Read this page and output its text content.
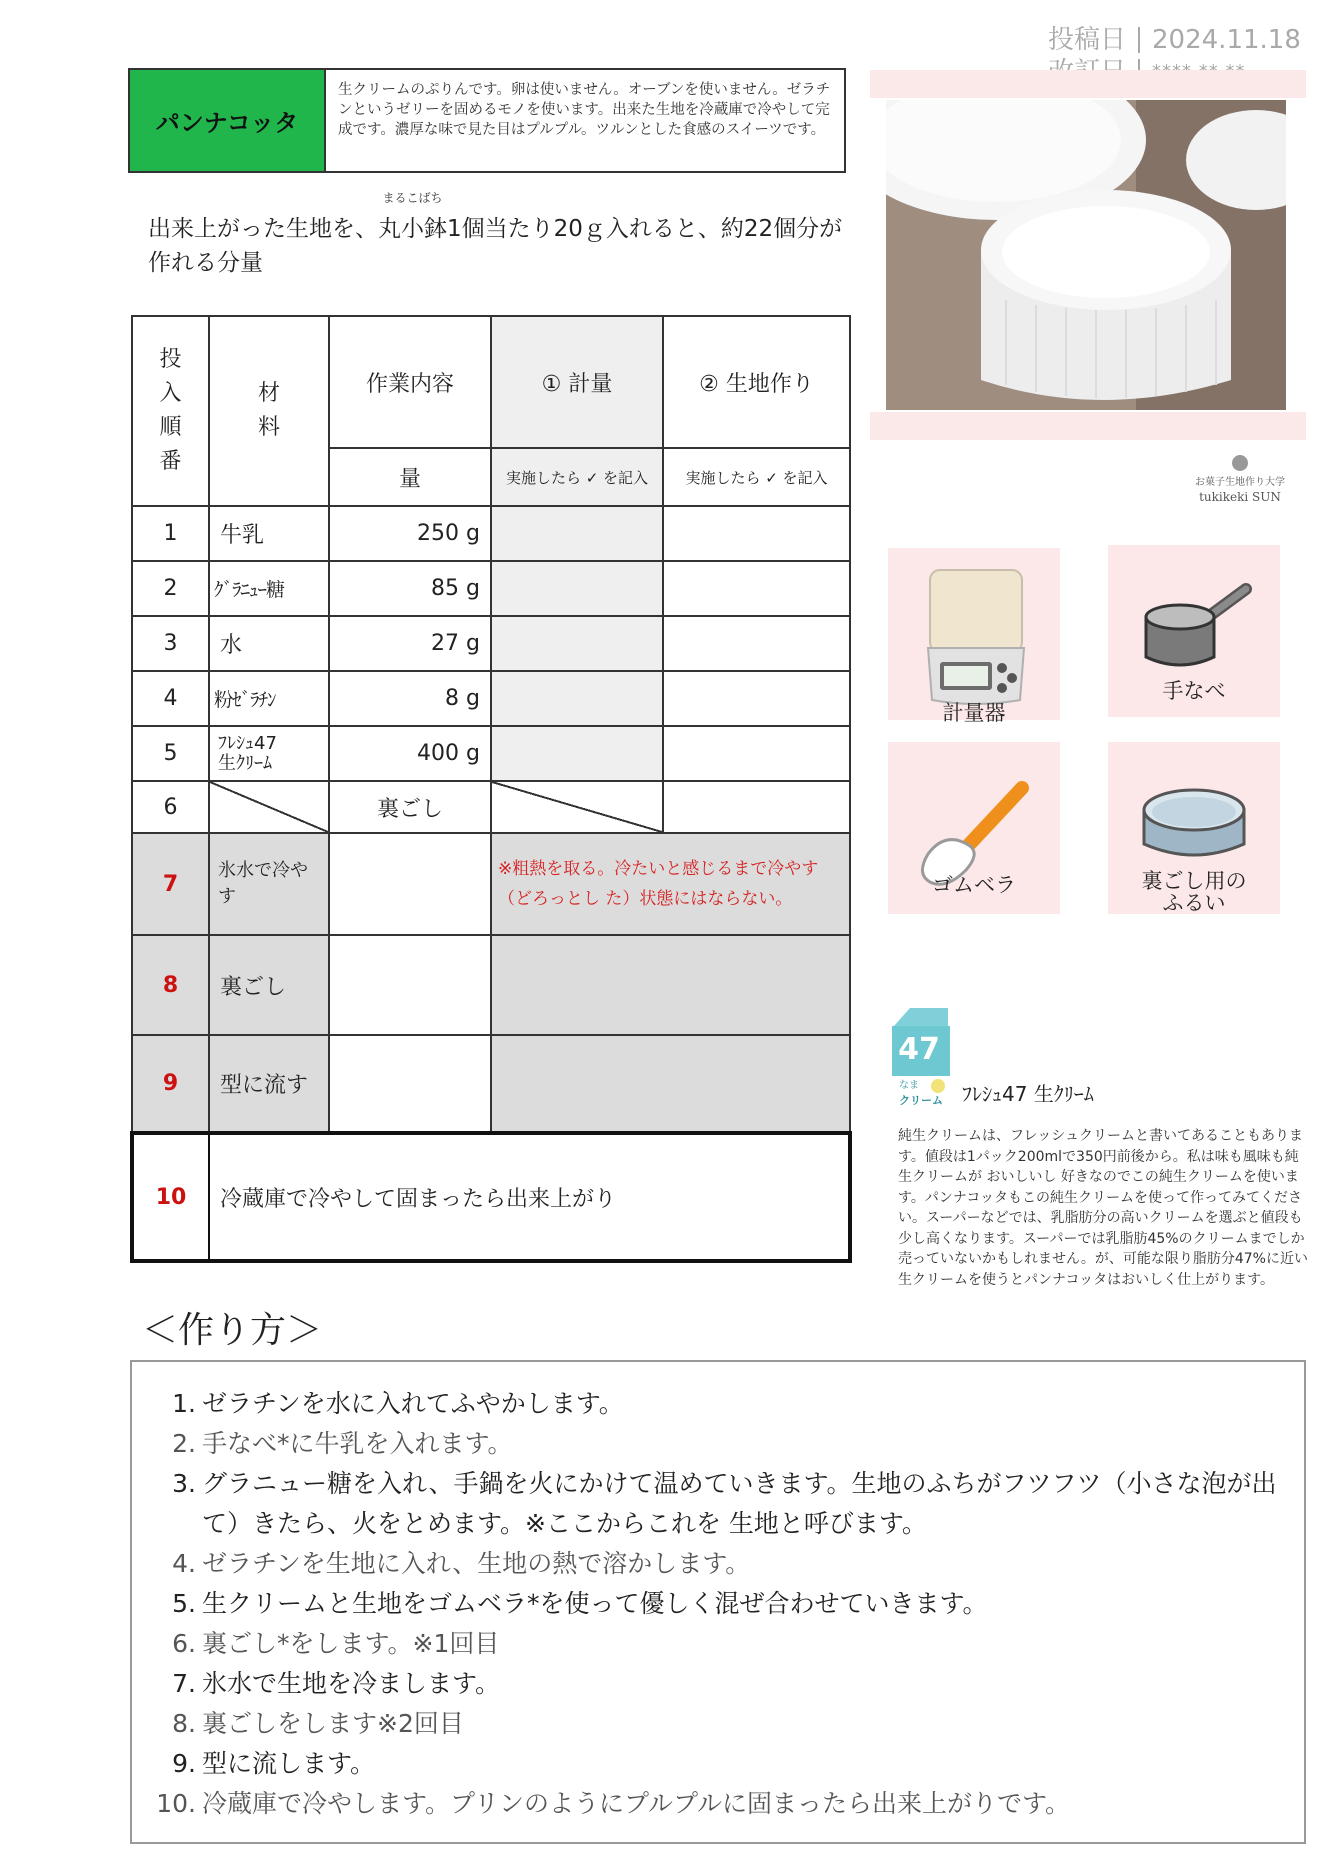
投稿日 2024.11.18
パンナコッタ
生クリームのぷりんです。卵は使いません。オーブンを使いません。ゼラチンというゼリーを固めるモノを使います。出来た生地を冷蔵庫で冷やして完成です。濃厚な味で見た目はプルプル。ツルンとした食感のスイーツです。
出来上がった生地を、
まるこばち
丸小鉢1個当たり20ｇ入れると、約22個分が作れる分量
投入順番	材料	作業内容	① 計量	② 生地作り
		量	実施したら ✓ を記入	実施したら ✓ を記入
1	牛乳	250 g		
2	ｸﾞﾗﾆｭｰ糖	85 g		
3	水	27 g		
4	粉ｾﾞﾗﾁﾝ	8 g		
5	ﾌﾚｼｭ47
生ｸﾘｰﾑ	400 g		
6		裏ごし		
7	氷水で冷やす		※粗熱を取る。冷たいと感じるまで冷やす（どろっとし た）状態にはならない。	
8	裏ごし			
9	型に流す			
10	冷蔵庫で冷やして固まったら出来上がり			
お菓子生地作り大学
tukikeki SUN
計量器
手なべ
ゴムベラ	裏ごし用の
ふるい
47
なま
クリーム ﾌﾚｼｭ47 生ｸﾘｰﾑ
純生クリームは、フレッシュクリームと書いてあることもあります。値段は1パック200mlで350円前後から。私は味も風味も純生クリームが おいしいし 好きなのでこの純生クリームを使います。パンナコッタもこの純生クリームを使って作ってみてください。スーパーなどでは、乳脂肪分の高いクリームを選ぶと値段も少し高くなります。スーパーでは乳脂肪45%のクリームまでしか売っていないかもしれません。が、可能な限り脂肪分47%に近い生クリームを使うとパンナコッタはおいしく仕上がります。
＜作り方＞
1. ゼラチンを水に入れてふやかします。
2. 手なべ*に牛乳を入れます。
3. グラニュー糖を入れ、手鍋を火にかけて温めていきます。生地のふちがフツフツ（小さな泡が出て）きたら、火をとめます。※ここからこれを 生地と呼びます。
4. ゼラチンを生地に入れ、生地の熱で溶かします。
5. 生クリームと生地をゴムベラ*を使って優しく混ぜ合わせていきます。
6. 裏ごし*をします。※1回目
7. 氷水で生地を冷まします。
8. 裏ごしをします※2回目
9. 型に流します。
10. 冷蔵庫で冷やします。プリンのようにプルプルに固まったら出来上がりです。
